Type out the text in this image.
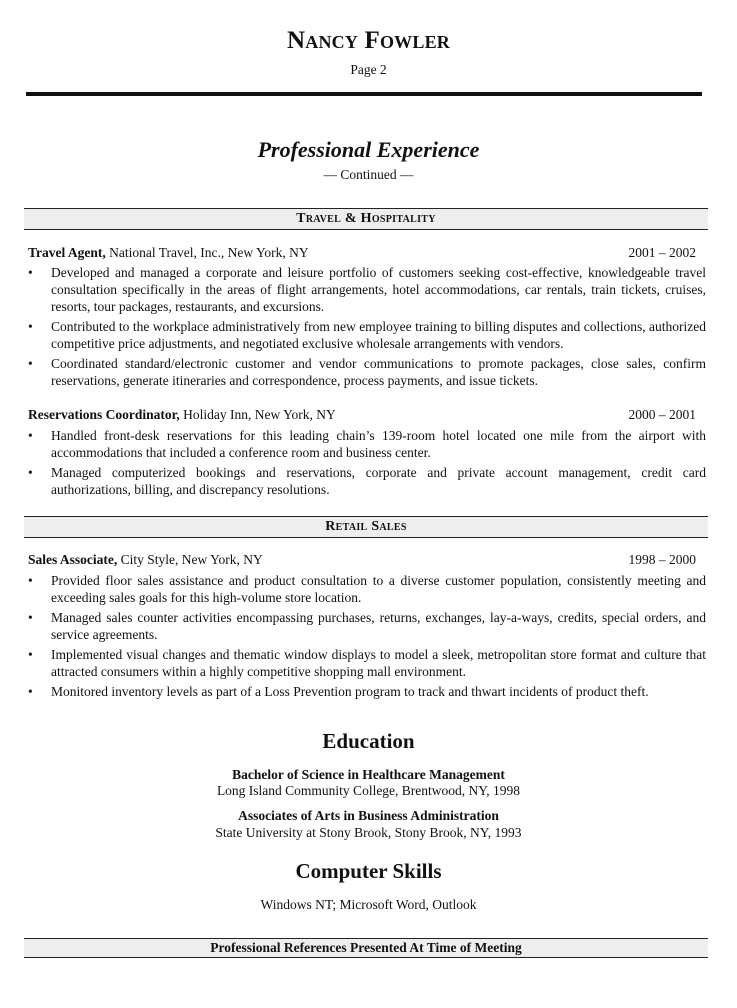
Nancy Fowler
Page 2
Professional Experience
— Continued —
Travel & Hospitality
Travel Agent, National Travel, Inc., New York, NY	2001 – 2002
• Developed and managed a corporate and leisure portfolio of customers seeking cost-effective, knowledgeable travel consultation specifically in the areas of flight arrangements, hotel accommodations, car rentals, train tickets, cruises, resorts, tour packages, restaurants, and excursions.
• Contributed to the workplace administratively from new employee training to billing disputes and collections, authorized competitive price adjustments, and negotiated exclusive wholesale arrangements with vendors.
• Coordinated standard/electronic customer and vendor communications to promote packages, close sales, confirm reservations, generate itineraries and correspondence, process payments, and issue tickets.
Reservations Coordinator, Holiday Inn, New York, NY	2000 – 2001
• Handled front-desk reservations for this leading chain’s 139-room hotel located one mile from the airport with accommodations that included a conference room and business center.
• Managed computerized bookings and reservations, corporate and private account management, credit card authorizations, billing, and discrepancy resolutions.
Retail Sales
Sales Associate, City Style, New York, NY	1998 – 2000
• Provided floor sales assistance and product consultation to a diverse customer population, consistently meeting and exceeding sales goals for this high-volume store location.
• Managed sales counter activities encompassing purchases, returns, exchanges, lay-a-ways, credits, special orders, and service agreements.
• Implemented visual changes and thematic window displays to model a sleek, metropolitan store format and culture that attracted consumers within a highly competitive shopping mall environment.
• Monitored inventory levels as part of a Loss Prevention program to track and thwart incidents of product theft.
Education
Bachelor of Science in Healthcare Management
Long Island Community College, Brentwood, NY, 1998
Associates of Arts in Business Administration
State University at Stony Brook, Stony Brook, NY, 1993
Computer Skills
Windows NT; Microsoft Word, Outlook
Professional References Presented At Time of Meeting
